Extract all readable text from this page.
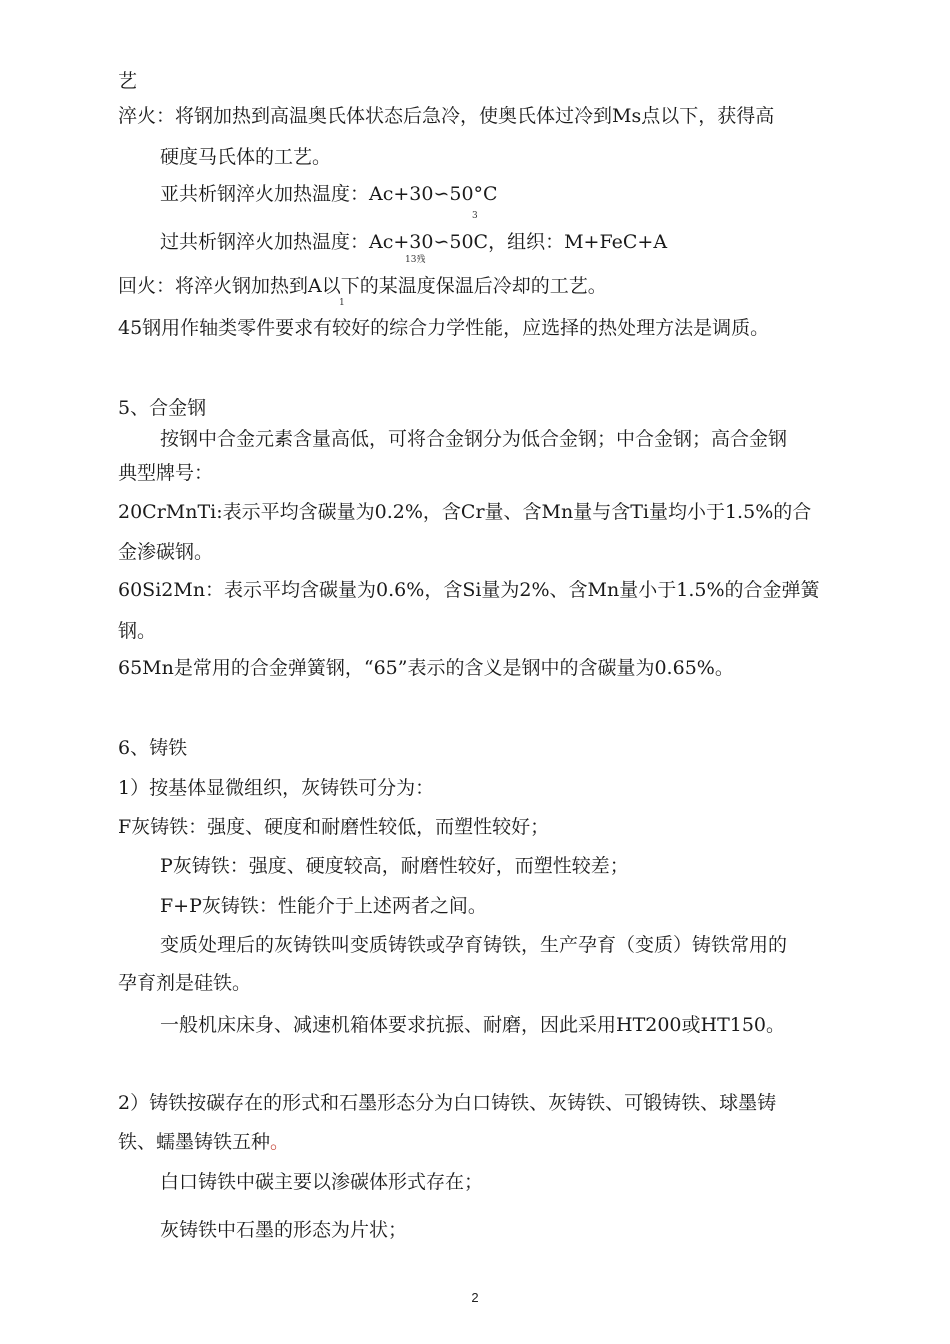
艺
淬火：将钢加热到高温奥氏体状态后急冷，使奥氏体过冷到Ms点以下，获得高
硬度马氏体的工艺。
亚共析钢淬火加热温度：Ac+30∽50°C
3
过共析钢淬火加热温度：Ac+30∽50C，组织：M+FeC+A
13残
回火：将淬火钢加热到A以下的某温度保温后冷却的工艺。
1
45钢用作轴类零件要求有较好的综合力学性能，应选择的热处理方法是调质。
5、合金钢
按钢中合金元素含量高低，可将合金钢分为低合金钢；中合金钢；高合金钢
典型牌号：
20CrMnTi:表示平均含碳量为0.2%，含Cr量、含Mn量与含Ti量均小于1.5%的合
金渗碳钢。
60Si2Mn：表示平均含碳量为0.6%，含Si量为2%、含Mn量小于1.5%的合金弹簧
钢。
65Mn是常用的合金弹簧钢，“65”表示的含义是钢中的含碳量为0.65%。
6、铸铁
1）按基体显微组织，灰铸铁可分为：
F灰铸铁：强度、硬度和耐磨性较低，而塑性较好；
P灰铸铁：强度、硬度较高，耐磨性较好，而塑性较差；
F+P灰铸铁：性能介于上述两者之间。
变质处理后的灰铸铁叫变质铸铁或孕育铸铁，生产孕育（变质）铸铁常用的
孕育剂是硅铁。
一般机床床身、减速机箱体要求抗振、耐磨，因此采用HT200或HT150。
2）铸铁按碳存在的形式和石墨形态分为白口铸铁、灰铸铁、可锻铸铁、球墨铸
铁、蠕墨铸铁五种。
白口铸铁中碳主要以渗碳体形式存在；
灰铸铁中石墨的形态为片状；
2
